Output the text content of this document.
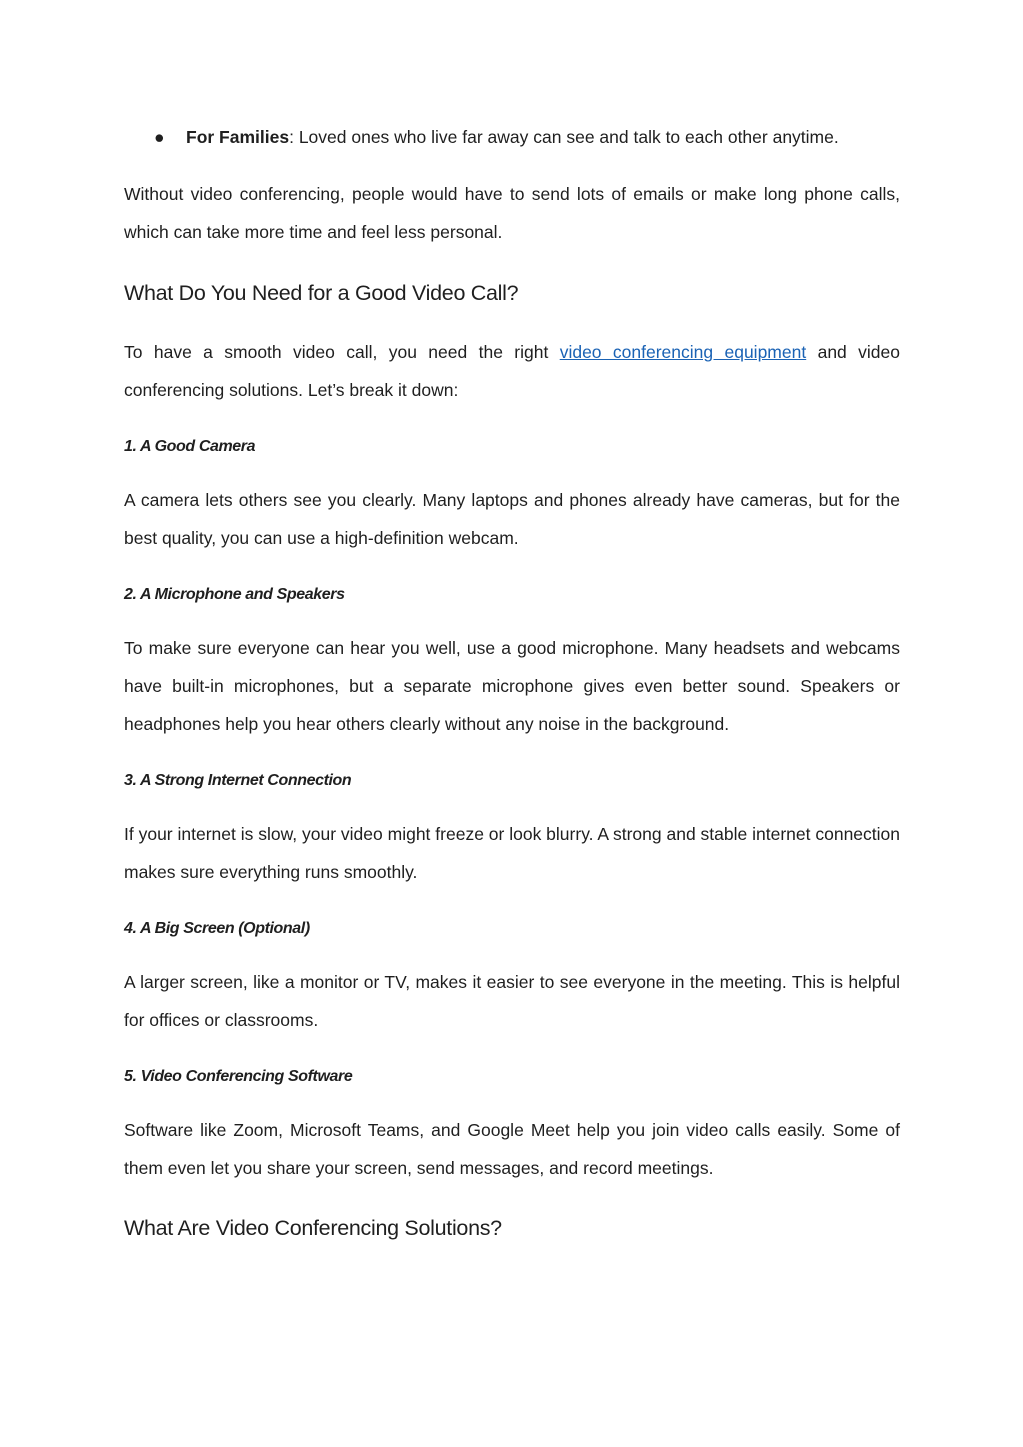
● For Families: Loved ones who live far away can see and talk to each other anytime.

Without video conferencing, people would have to send lots of emails or make long phone calls, which can take more time and feel less personal.

What Do You Need for a Good Video Call?

To have a smooth video call, you need the right video conferencing equipment and video conferencing solutions. Let’s break it down:

1. A Good Camera

A camera lets others see you clearly. Many laptops and phones already have cameras, but for the best quality, you can use a high-definition webcam.

2. A Microphone and Speakers

To make sure everyone can hear you well, use a good microphone. Many headsets and webcams have built-in microphones, but a separate microphone gives even better sound. Speakers or headphones help you hear others clearly without any noise in the background.

3. A Strong Internet Connection

If your internet is slow, your video might freeze or look blurry. A strong and stable internet connection makes sure everything runs smoothly.

4. A Big Screen (Optional)

A larger screen, like a monitor or TV, makes it easier to see everyone in the meeting. This is helpful for offices or classrooms.

5. Video Conferencing Software

Software like Zoom, Microsoft Teams, and Google Meet help you join video calls easily. Some of them even let you share your screen, send messages, and record meetings.

What Are Video Conferencing Solutions?
